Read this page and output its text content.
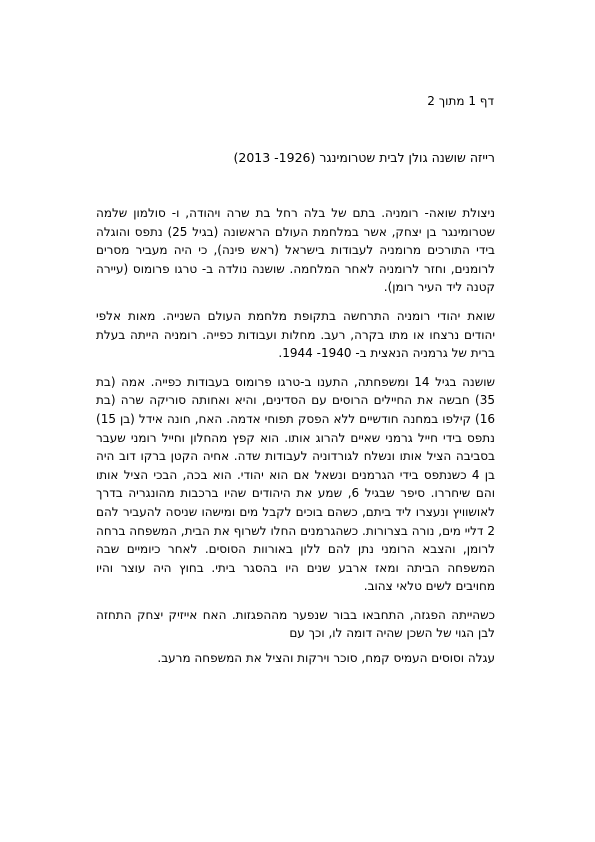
דף 1 מתוך 2
רייזה שושנה גולן לבית שטרומינגר (1926- 2013)

ניצולת שואה- רומניה. בתם של בלה רחל בת שרה ויהודה, ו- סולמון שלמה שטרומינגר בן יצחק, אשר במלחמת העולם הראשונה (בגיל 25) נתפס והוגלה בידי התורכים מרומניה לעבודות בישראל (ראש פינה), כי היה מעביר מסרים לרומנים, וחזר לרומניה לאחר המלחמה. שושנה נולדה ב- טרגו פרומוס (עיירה קטנה ליד העיר רומן).

שואת יהודי רומניה התרחשה בתקופת מלחמת העולם השנייה. מאות אלפי יהודים נרצחו או מתו בקרה, רעב. מחלות ועבודות כפייה. רומניה הייתה בעלת ברית של גרמניה הנאצית ב- 1940- 1944.

שושנה בגיל 14 ומשפחתה, התענו ב-טרגו פרומוס בעבודות כפייה. אמה (בת 35) חבשה את החיילים הרוסים עם הסדינים, והיא ואחותה סוריקה שרה (בת 16) קילפו במחנה חודשיים ללא הפסק תפוחי אדמה. האח, חונה אידל (בן 15) נתפס בידי חייל גרמני שאיים להרוג אותו. הוא קפץ מהחלון וחייל רומני שעבר בסביבה הציל אותו ונשלח לגורדוניה לעבודות שדה. אחיה הקטן ברקו דוב היה בן 4 כשנתפס בידי הגרמנים ונשאל אם הוא יהודי. הוא בכה, הבכי הציל אותו והם שיחררו. סיפר שבגיל 6, שמע את היהודים שהיו ברכבות מהונגריה בדרך לאושוויץ ונעצרו ליד ביתם, כשהם בוכים לקבל מים ומישהו שניסה להעביר להם 2 דליי מים, נורה בצרורות. כשהגרמנים החלו לשרוף את הבית, המשפחה ברחה לרומן, והצבא הרומני נתן להם ללון באורוות הסוסים. לאחר כיומיים שבה המשפחה הביתה ומאז ארבע שנים היו בהסגר ביתי. בחוץ היה עוצר והיו מחויבים לשים טלאי צהוב.

כשהייתה הפגזה, התחבאו בבור שנפער מההפגזות. האח אייזיק יצחק התחזה לבן הגוי של השכן שהיה דומה לו, וכך עם

עגלה וסוסים העמיס קמח, סוכר וירקות והציל את המשפחה מרעב.
